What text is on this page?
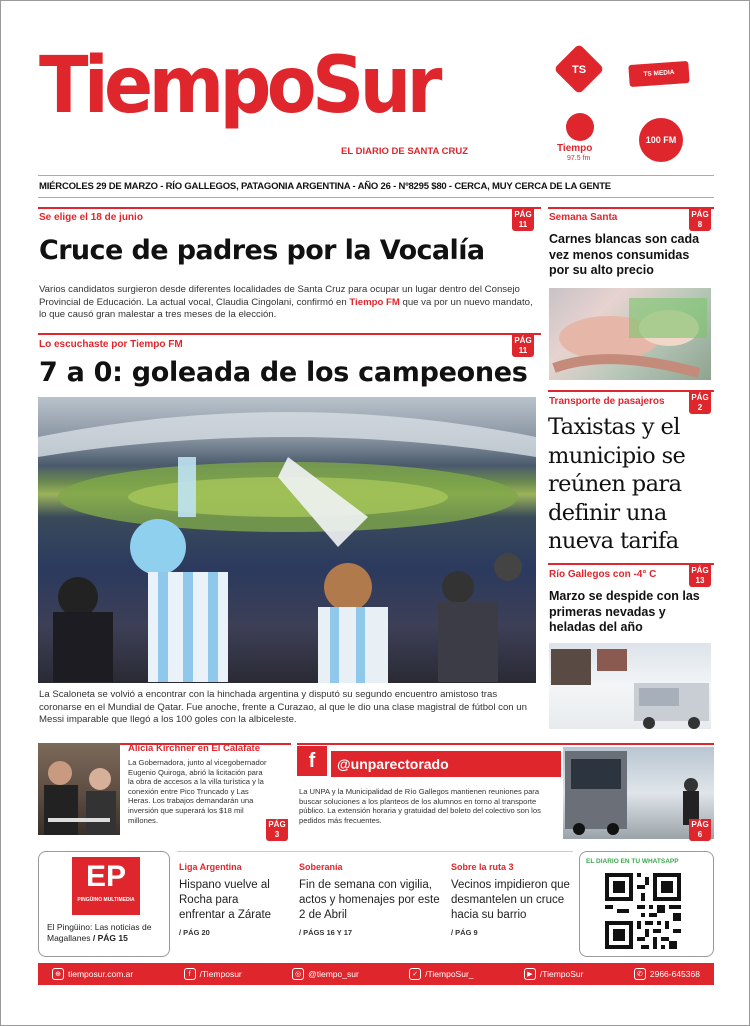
TiempoSur
EL DIARIO DE SANTA CRUZ
TS	TS MEDIA
Tiempo
97.5 fm
100 FM
MIÉRCOLES 29 DE MARZO - RÍO GALLEGOS, PATAGONIA ARGENTINA - AÑO 26 - Nº8295 $80 - CERCA, MUY CERCA DE LA GENTE
Se elige el 18 de junio	PÁG
11
Cruce de padres por la Vocalía
Varios candidatos surgieron desde diferentes localidades de Santa Cruz para ocupar un lugar dentro del Consejo Provincial de Educación. La actual vocal, Claudia Cingolani, confirmó en Tiempo FM que va por un nuevo mandato, lo que causó gran malestar a tres meses de la elección.
Lo escuchaste por Tiempo FM	PÁG
11
7 a 0: goleada de los campeones
La Scaloneta se volvió a encontrar con la hinchada argentina y disputó su segundo encuentro amistoso tras coronarse en el Mundial de Qatar. Fue anoche, frente a Curazao, al que le dio una clase magistral de fútbol con un Messi imparable que llegó a los 100 goles con la albiceleste.
Semana Santa	PÁG
8
Carnes blancas son cada vez menos consumidas por su alto precio
Transporte de pasajeros	PÁG
2
Taxistas y el municipio se reúnen para definir una nueva tarifa
Río Gallegos con -4° C	PÁG
13
Marzo se despide con las primeras nevadas y heladas del año
Alicia Kirchner en El Calafate
La Gobernadora, junto al vicegobernador Eugenio Quiroga, abrió la licitación para la obra de accesos a la villa turística y la conexión entre Pico Truncado y Las Heras. Los trabajos demandarán una inversión que superará los $18 mil millones.	PÁG
3
f	@unparectorado
La UNPA y la Municipalidad de Río Gallegos mantienen reuniones para buscar soluciones a los planteos de los alumnos en torno al transporte público. La extensión horaria y gratuidad del boleto del colectivo son los pedidos más frecuentes.	PÁG
6
EP
PINGÜINO MULTIMEDIA
El Pingüino: Las noticias de Magallanes / PÁG 15
Liga Argentina
Hispano vuelve al Rocha para enfrentar a Zárate
/ PÁG 20
Soberanía
Fin de semana con vigilia, actos y homenajes por este 2 de Abril
/ PÁGS 16 Y 17
Sobre la ruta 3
Vecinos impidieron que desmantelen un cruce hacia su barrio
/ PÁG 9
EL DIARIO EN TU WHATSAPP
⊕ tiemposur.com.ar	f	/Tiemposur	◎ @tiempo_sur	✓ /TiempoSur_	▶ /TiempoSur	✆ 2966-645368
